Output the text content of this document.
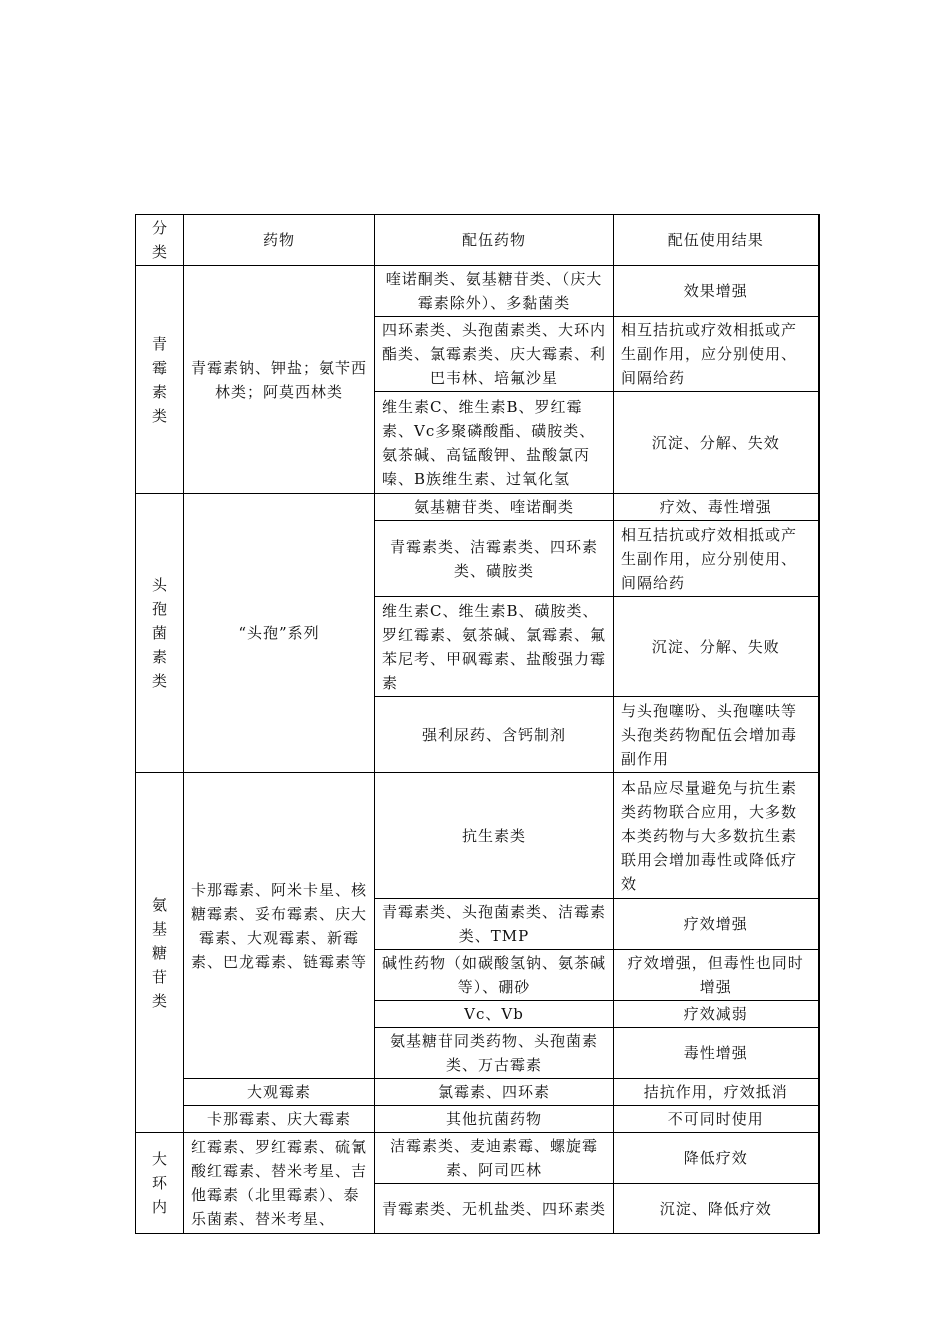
分类	药物	配伍药物	配伍使用结果

青霉素类	青霉素钠、钾盐；氨苄西林类；阿莫西林类	喹诺酮类、氨基糖苷类、（庆大霉素除外）、多黏菌类	效果增强
		四环素类、头孢菌素类、大环内酯类、氯霉素类、庆大霉素、利巴韦林、培氟沙星	相互拮抗或疗效相抵或产生副作用，应分别使用、间隔给药
		维生素C、维生素B、罗红霉素、Vc多聚磷酸酯、磺胺类、氨茶碱、高锰酸钾、盐酸氯丙嗪、B族维生素、过氧化氢	沉淀、分解、失效

头孢菌素类	“头孢”系列	氨基糖苷类、喹诺酮类	疗效、毒性增强
		青霉素类、洁霉素类、四环素类、磺胺类	相互拮抗或疗效相抵或产生副作用，应分别使用、间隔给药
		维生素C、维生素B、磺胺类、罗红霉素、氨茶碱、氯霉素、氟苯尼考、甲砜霉素、盐酸强力霉素	沉淀、分解、失败
		强利尿药、含钙制剂	与头孢噻吩、头孢噻呋等头孢类药物配伍会增加毒副作用

氨基糖苷类	卡那霉素、阿米卡星、核糖霉素、妥布霉素、庆大霉素、大观霉素、新霉素、巴龙霉素、链霉素等	抗生素类	本品应尽量避免与抗生素类药物联合应用，大多数本类药物与大多数抗生素联用会增加毒性或降低疗效
		青霉素类、头孢菌素类、洁霉素类、TMP	疗效增强
		碱性药物（如碳酸氢钠、氨茶碱等）、硼砂	疗效增强，但毒性也同时增强
		Vc、Vb	疗效减弱
		氨基糖苷同类药物、头孢菌素类、万古霉素	毒性增强
	大观霉素	氯霉素、四环素	拮抗作用，疗效抵消
	卡那霉素、庆大霉素	其他抗菌药物	不可同时使用

大环内	红霉素、罗红霉素、硫氰酸红霉素、替米考星、吉他霉素（北里霉素）、泰乐菌素、替米考星、	洁霉素类、麦迪素霉、螺旋霉素、阿司匹林	降低疗效
		青霉素类、无机盐类、四环素类	沉淀、降低疗效
